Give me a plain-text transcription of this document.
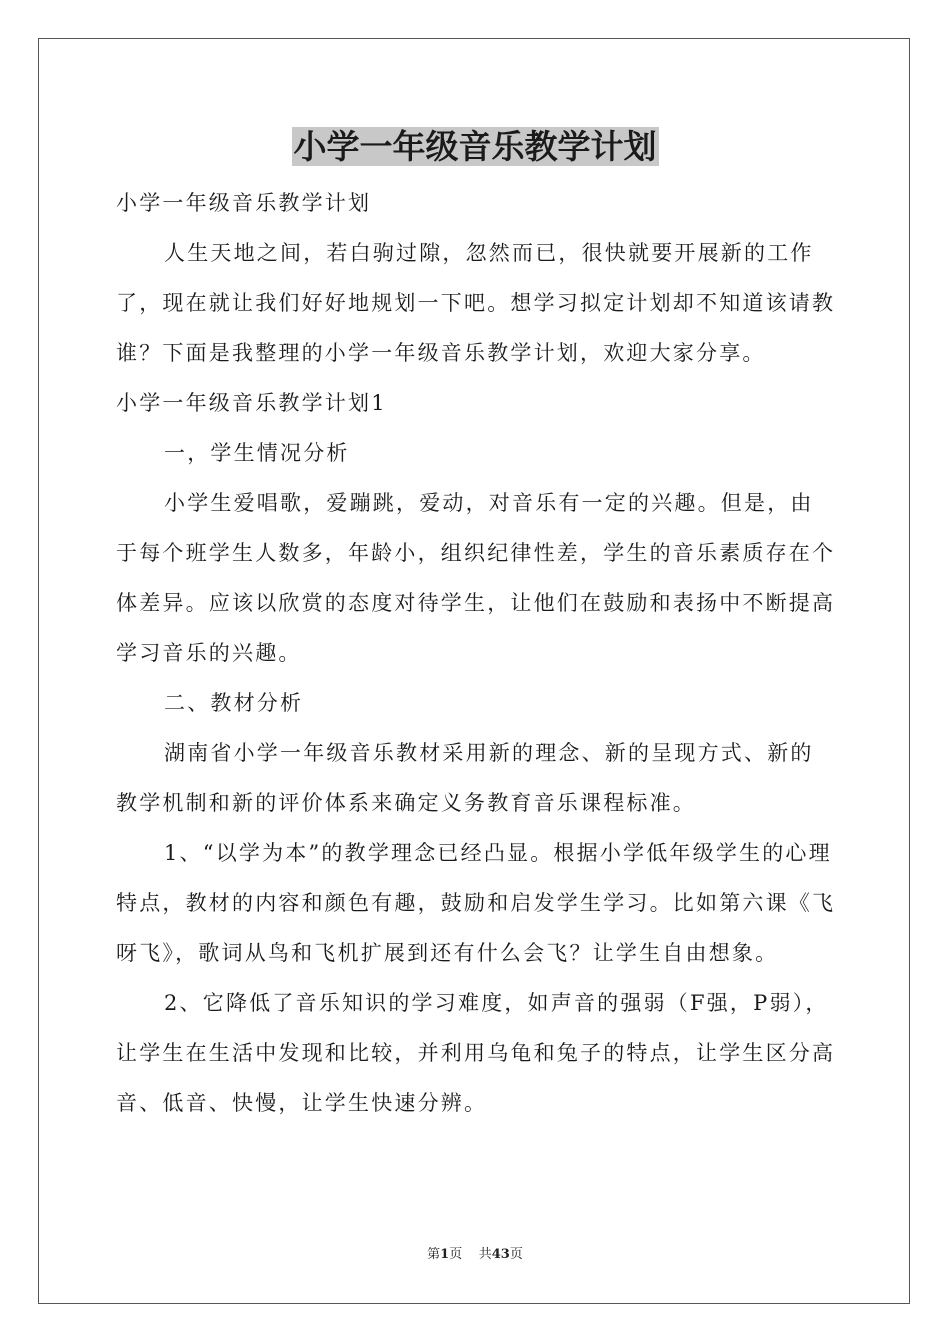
小学一年级音乐教学计划

小学一年级音乐教学计划

人生天地之间，若白驹过隙，忽然而已，很快就要开展新的工作了，现在就让我们好好地规划一下吧。想学习拟定计划却不知道该请教谁？下面是我整理的小学一年级音乐教学计划，欢迎大家分享。

小学一年级音乐教学计划1

一，学生情况分析

小学生爱唱歌，爱蹦跳，爱动，对音乐有一定的兴趣。但是，由于每个班学生人数多，年龄小，组织纪律性差，学生的音乐素质存在个体差异。应该以欣赏的态度对待学生，让他们在鼓励和表扬中不断提高学习音乐的兴趣。

二、教材分析

湖南省小学一年级音乐教材采用新的理念、新的呈现方式、新的教学机制和新的评价体系来确定义务教育音乐课程标准。

1、“以学为本”的教学理念已经凸显。根据小学低年级学生的心理特点，教材的内容和颜色有趣，鼓励和启发学生学习。比如第六课《飞呀飞》，歌词从鸟和飞机扩展到还有什么会飞？让学生自由想象。

2、它降低了音乐知识的学习难度，如声音的强弱（F强，P弱），让学生在生活中发现和比较，并利用乌龟和兔子的特点，让学生区分高音、低音、快慢，让学生快速分辨。

第1页 共43页
